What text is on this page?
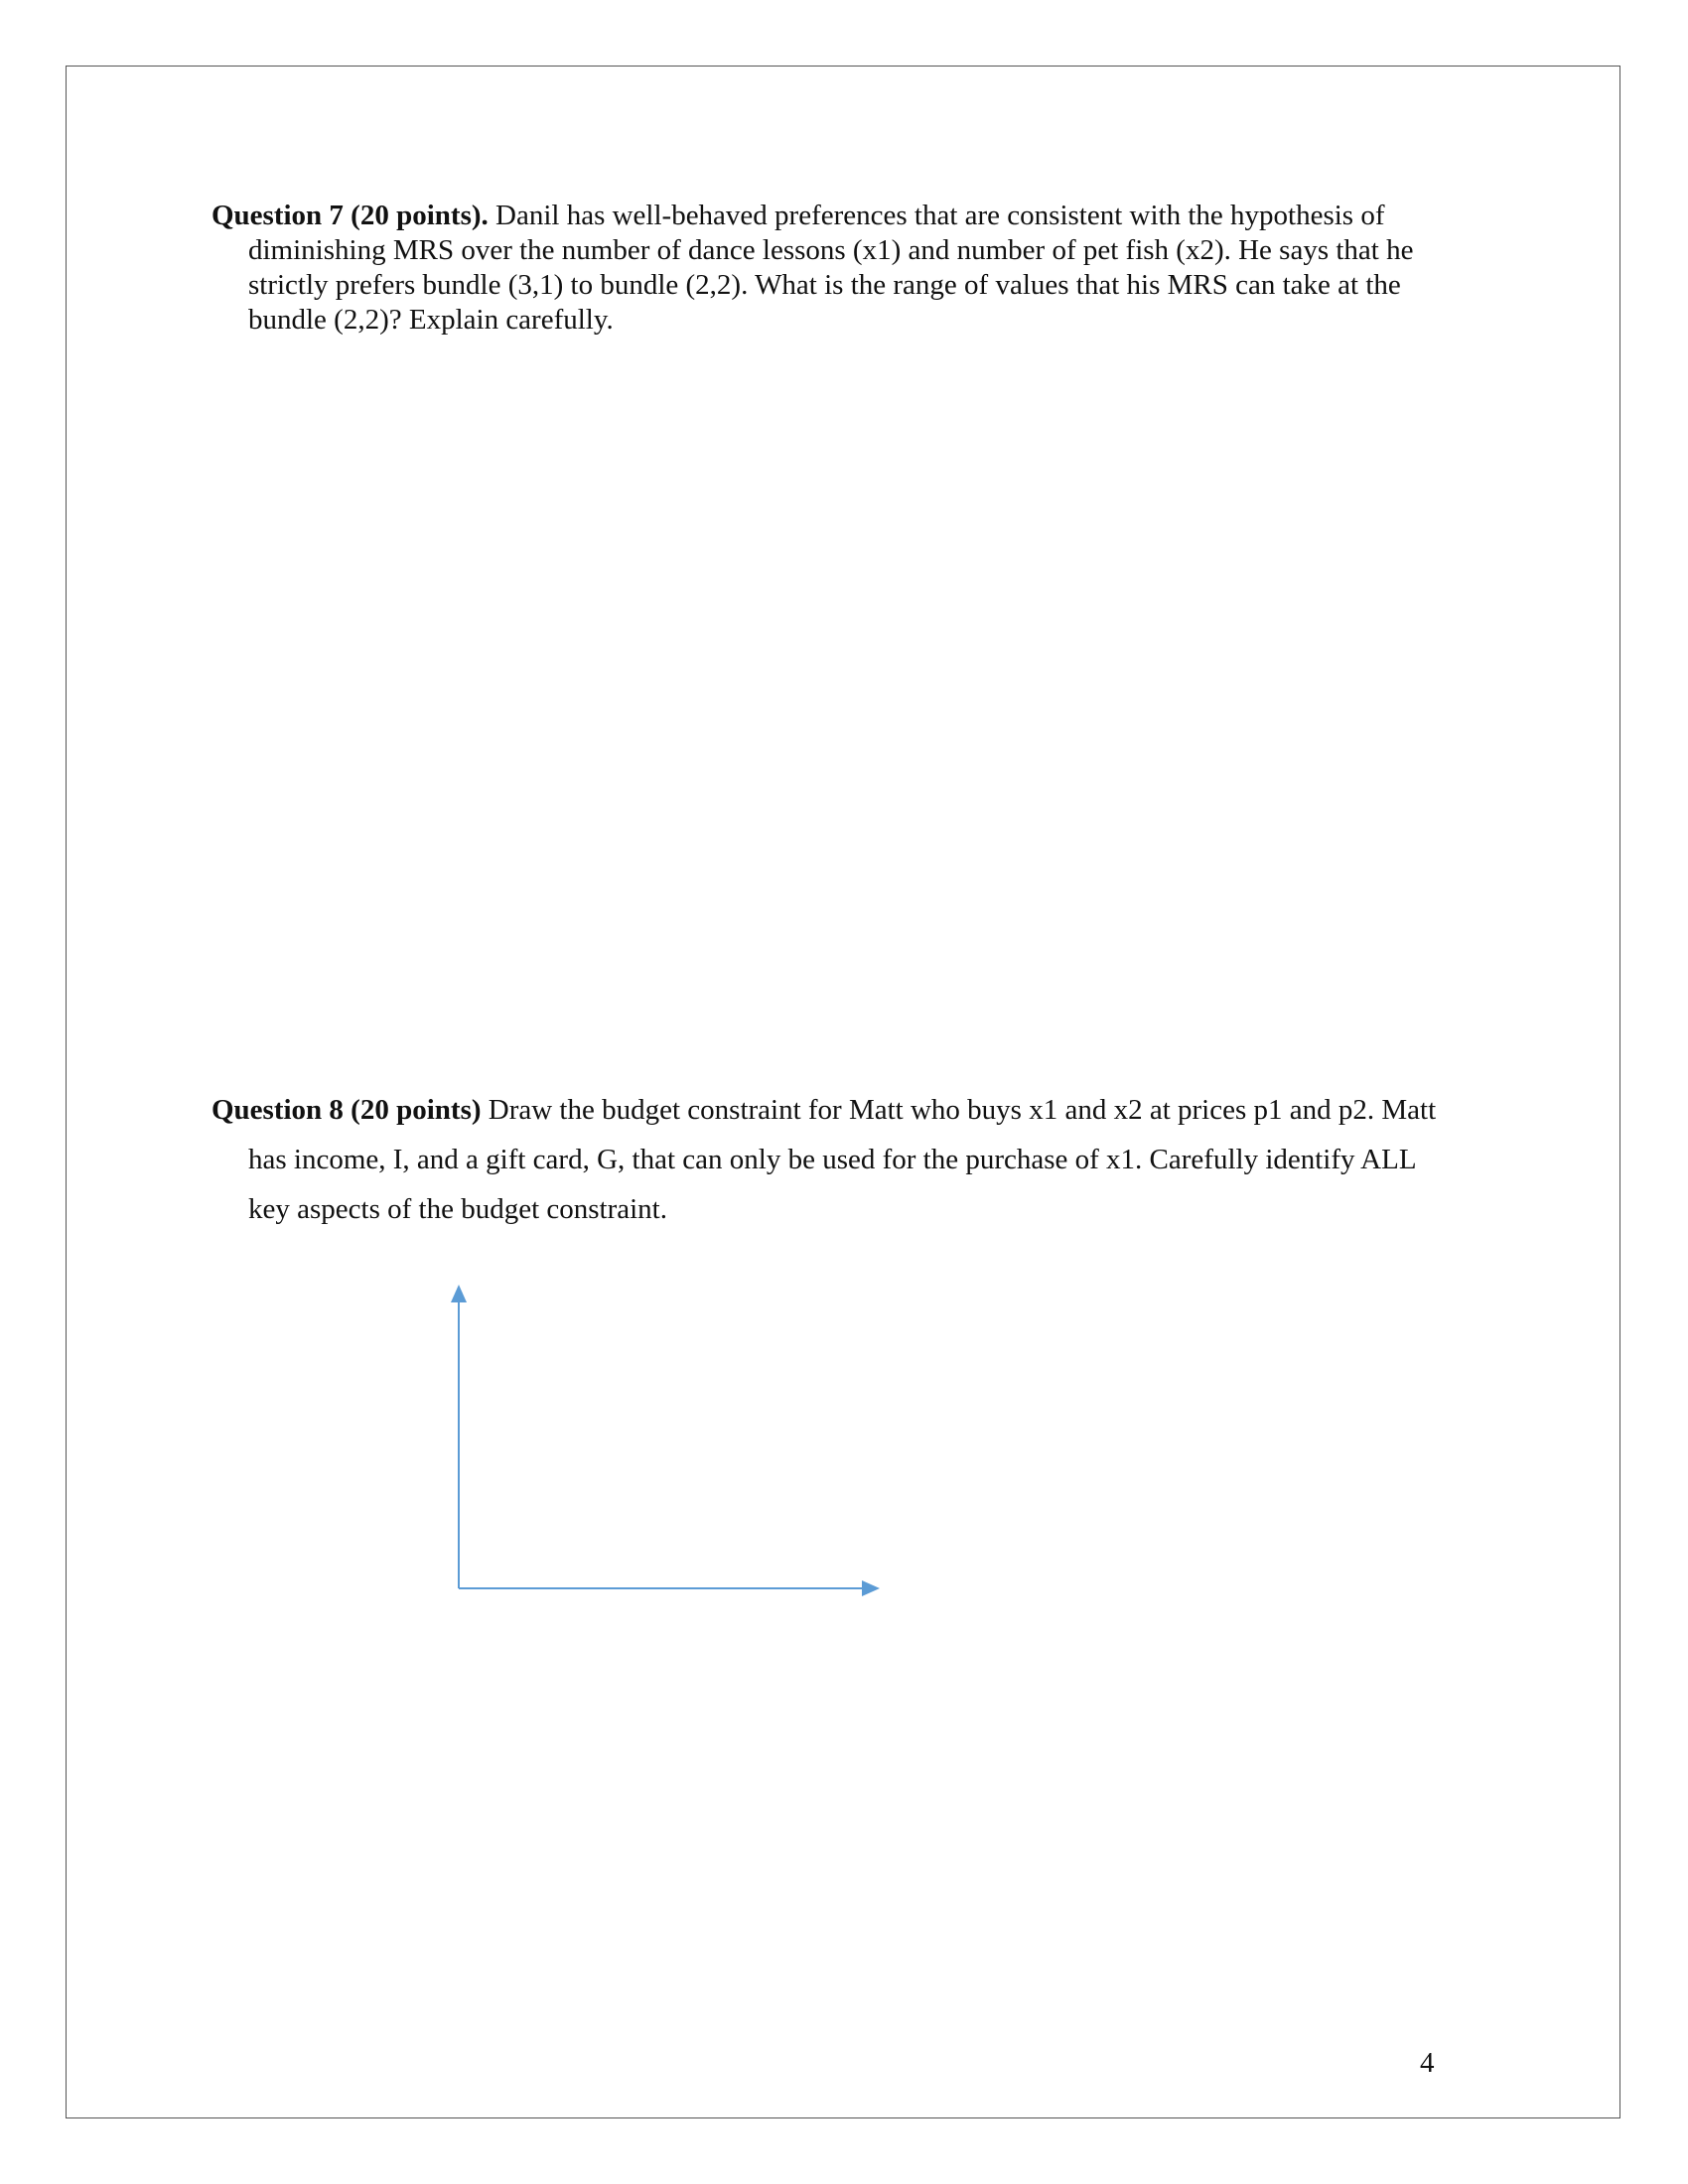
Question 7 (20 points). Danil has well-behaved preferences that are consistent with the hypothesis of diminishing MRS over the number of dance lessons (x1) and number of pet fish (x2). He says that he strictly prefers bundle (3,1) to bundle (2,2). What is the range of values that his MRS can take at the bundle (2,2)? Explain carefully.
Question 8 (20 points) Draw the budget constraint for Matt who buys x1 and x2 at prices p1 and p2. Matt has income, I, and a gift card, G, that can only be used for the purchase of x1. Carefully identify ALL key aspects of the budget constraint.
4
